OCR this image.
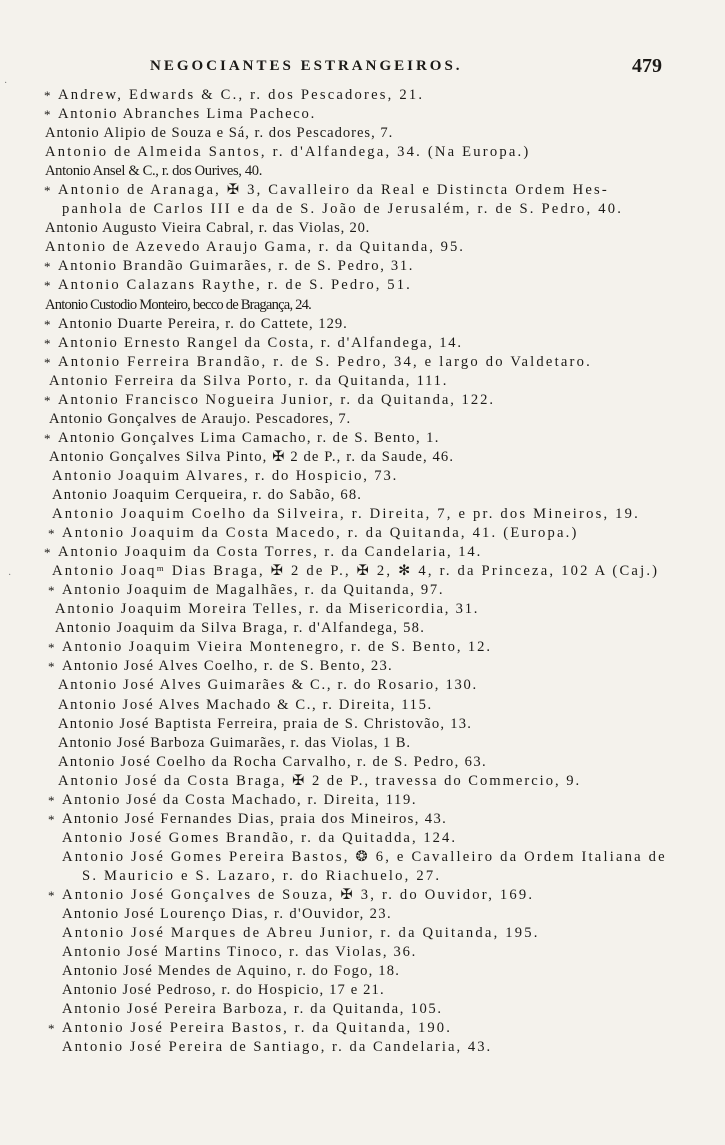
·
·
NEGOCIANTES ESTRANGEIROS.	479
* Andrew, Edwards & C., r. dos Pescadores, 21.
* Antonio Abranches Lima Pacheco.
Antonio Alipio de Souza e Sá, r. dos Pescadores, 7.
Antonio de Almeida Santos, r. d'Alfandega, 34. (Na Europa.)
Antonio Ansel & C., r. dos Ourives, 40.
* Antonio de Aranaga, ✠ 3, Cavalleiro da Real e Distincta Ordem Hes-
panhola de Carlos III e da de S. João de Jerusalém, r. de S. Pedro, 40.
Antonio Augusto Vieira Cabral, r. das Violas, 20.
Antonio de Azevedo Araujo Gama, r. da Quitanda, 95.
* Antonio Brandão Guimarães, r. de S. Pedro, 31.
* Antonio Calazans Raythe, r. de S. Pedro, 51.
Antonio Custodio Monteiro, becco de Bragança, 24.
* Antonio Duarte Pereira, r. do Cattete, 129.
* Antonio Ernesto Rangel da Costa, r. d'Alfandega, 14.
* Antonio Ferreira Brandão, r. de S. Pedro, 34, e largo do Valdetaro.
Antonio Ferreira da Silva Porto, r. da Quitanda, 111.
* Antonio Francisco Nogueira Junior, r. da Quitanda, 122.
Antonio Gonçalves de Araujo. Pescadores, 7.
* Antonio Gonçalves Lima Camacho, r. de S. Bento, 1.
Antonio Gonçalves Silva Pinto, ✠ 2 de P., r. da Saude, 46.
Antonio Joaquim Alvares, r. do Hospicio, 73.
Antonio Joaquim Cerqueira, r. do Sabão, 68.
Antonio Joaquim Coelho da Silveira, r. Direita, 7, e pr. dos Mineiros, 19.
* Antonio Joaquim da Costa Macedo, r. da Quitanda, 41. (Europa.)
* Antonio Joaquim da Costa Torres, r. da Candelaria, 14.
Antonio Joaqᵐ Dias Braga, ✠ 2 de P., ✠ 2, ✻ 4, r. da Princeza, 102 A (Caj.)
* Antonio Joaquim de Magalhães, r. da Quitanda, 97.
Antonio Joaquim Moreira Telles, r. da Misericordia, 31.
Antonio Joaquim da Silva Braga, r. d'Alfandega, 58.
* Antonio Joaquim Vieira Montenegro, r. de S. Bento, 12.
* Antonio José Alves Coelho, r. de S. Bento, 23.
Antonio José Alves Guimarães & C., r. do Rosario, 130.
Antonio José Alves Machado & C., r. Direita, 115.
Antonio José Baptista Ferreira, praia de S. Christovão, 13.
Antonio José Barboza Guimarães, r. das Violas, 1 B.
Antonio José Coelho da Rocha Carvalho, r. de S. Pedro, 63.
Antonio José da Costa Braga, ✠ 2 de P., travessa do Commercio, 9.
* Antonio José da Costa Machado, r. Direita, 119.
* Antonio José Fernandes Dias, praia dos Mineiros, 43.
Antonio José Gomes Brandão, r. da Quitadda, 124.
Antonio José Gomes Pereira Bastos, ❂ 6, e Cavalleiro da Ordem Italiana de
S. Mauricio e S. Lazaro, r. do Riachuelo, 27.
* Antonio José Gonçalves de Souza, ✠ 3, r. do Ouvidor, 169.
Antonio José Lourenço Dias, r. d'Ouvidor, 23.
Antonio José Marques de Abreu Junior, r. da Quitanda, 195.
Antonio José Martins Tinoco, r. das Violas, 36.
Antonio José Mendes de Aquino, r. do Fogo, 18.
Antonio José Pedroso, r. do Hospicio, 17 e 21.
Antonio José Pereira Barboza, r. da Quitanda, 105.
* Antonio José Pereira Bastos, r. da Quitanda, 190.
Antonio José Pereira de Santiago, r. da Candelaria, 43.
